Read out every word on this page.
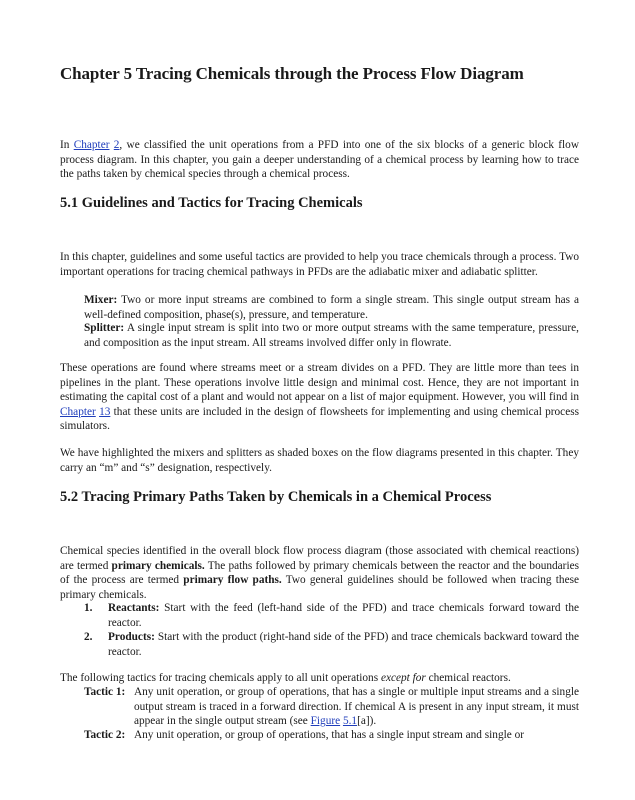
Chapter 5 Tracing Chemicals through the Process Flow Diagram

In Chapter 2, we classified the unit operations from a PFD into one of the six blocks of a generic block flow process diagram. In this chapter, you gain a deeper understanding of a chemical process by learning how to trace the paths taken by chemical species through a chemical process.

5.1 Guidelines and Tactics for Tracing Chemicals

In this chapter, guidelines and some useful tactics are provided to help you trace chemicals through a process. Two important operations for tracing chemical pathways in PFDs are the adiabatic mixer and adiabatic splitter.

Mixer: Two or more input streams are combined to form a single stream. This single output stream has a well-defined composition, phase(s), pressure, and temperature.

Splitter: A single input stream is split into two or more output streams with the same temperature, pressure, and composition as the input stream. All streams involved differ only in flowrate.

These operations are found where streams meet or a stream divides on a PFD. They are little more than tees in pipelines in the plant. These operations involve little design and minimal cost. Hence, they are not important in estimating the capital cost of a plant and would not appear on a list of major equipment. However, you will find in Chapter 13 that these units are included in the design of flowsheets for implementing and using chemical process simulators.

We have highlighted the mixers and splitters as shaded boxes on the flow diagrams presented in this chapter. They carry an “m” and “s” designation, respectively.

5.2 Tracing Primary Paths Taken by Chemicals in a Chemical Process

Chemical species identified in the overall block flow process diagram (those associated with chemical reactions) are termed primary chemicals. The paths followed by primary chemicals between the reactor and the boundaries of the process are termed primary flow paths. Two general guidelines should be followed when tracing these primary chemicals.

1. Reactants: Start with the feed (left-hand side of the PFD) and trace chemicals forward toward the reactor.
2. Products: Start with the product (right-hand side of the PFD) and trace chemicals backward toward the reactor.

The following tactics for tracing chemicals apply to all unit operations except for chemical reactors.

Tactic 1: Any unit operation, or group of operations, that has a single or multiple input streams and a single output stream is traced in a forward direction. If chemical A is present in any input stream, it must appear in the single output stream (see Figure 5.1[a]).
Tactic 2: Any unit operation, or group of operations, that has a single input stream and single or
